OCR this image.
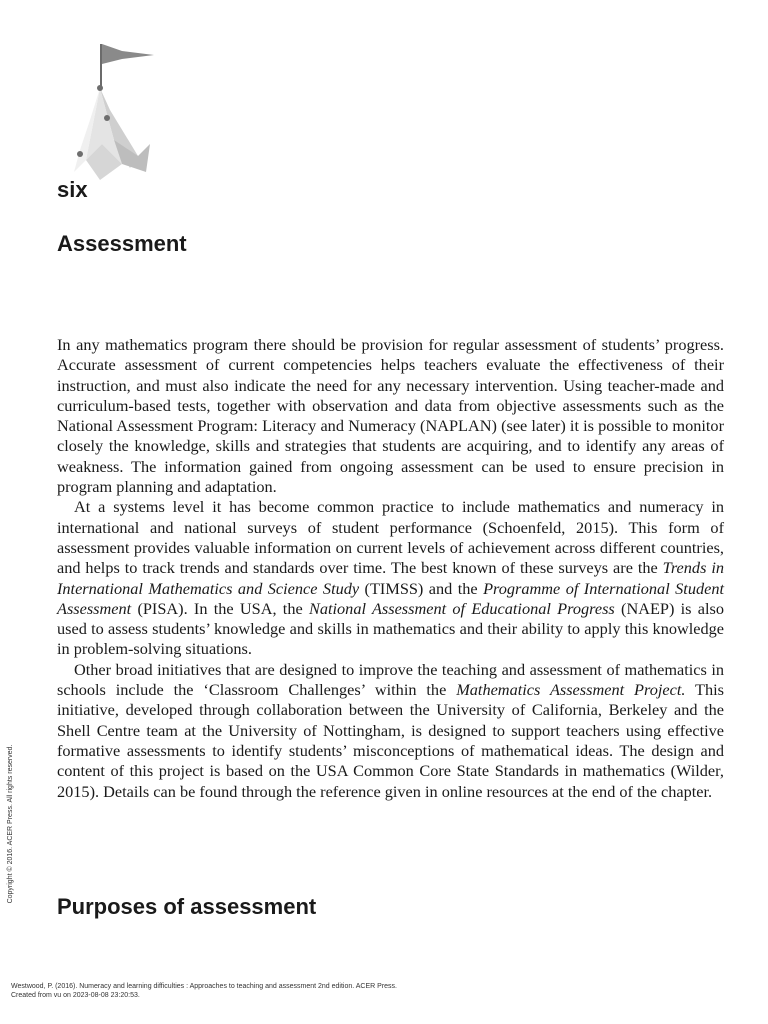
six
Assessment

In any mathematics program there should be provision for regular assessment of students’ progress. Accurate assessment of current competencies helps teachers evaluate the effectiveness of their instruction, and must also indicate the need for any necessary intervention. Using teacher-made and curriculum-based tests, together with observation and data from objective assessments such as the National Assessment Program: Literacy and Numeracy (NAPLAN) (see later) it is possible to monitor closely the knowledge, skills and strategies that students are acquiring, and to identify any areas of weakness. The information gained from ongoing assessment can be used to ensure precision in program planning and adaptation.

At a systems level it has become common practice to include mathematics and numeracy in international and national surveys of student performance (Schoenfeld, 2015). This form of assessment provides valuable information on current levels of achievement across different countries, and helps to track trends and standards over time. The best known of these surveys are the Trends in International Mathematics and Science Study (TIMSS) and the Programme of International Student Assessment (PISA). In the USA, the National Assessment of Educational Progress (NAEP) is also used to assess students’ knowledge and skills in mathematics and their ability to apply this knowledge in problem-solving situations.

Other broad initiatives that are designed to improve the teaching and assessment of mathematics in schools include the ‘Classroom Challenges’ within the Mathematics Assessment Project. This initiative, developed through collaboration between the University of California, Berkeley and the Shell Centre team at the University of Nottingham, is designed to support teachers using effective formative assessments to identify students’ misconceptions of mathematical ideas. The design and content of this project is based on the USA Common Core State Standards in mathematics (Wilder, 2015). Details can be found through the reference given in online resources at the end of the chapter.

Purposes of assessment
Copyright © 2016. ACER Press. All rights reserved.
Westwood, P. (2016). Numeracy and learning difficulties : Approaches to teaching and assessment 2nd edition. ACER Press.
Created from vu on 2023-08-08 23:20:53.
